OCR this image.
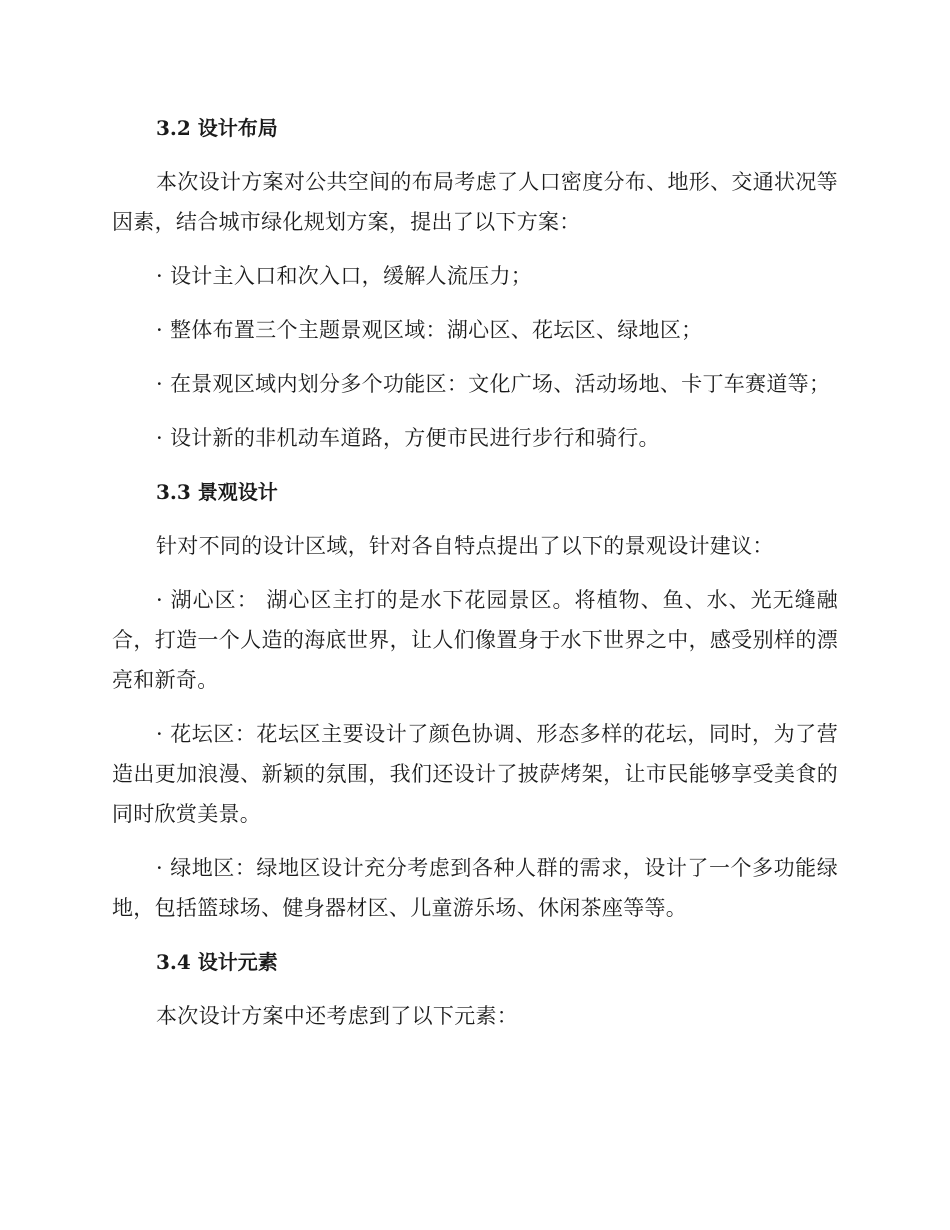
3.2 设计布局

本次设计方案对公共空间的布局考虑了人口密度分布、地形、交通状况等因素，结合城市绿化规划方案，提出了以下方案：

· 设计主入口和次入口，缓解人流压力；

· 整体布置三个主题景观区域：湖心区、花坛区、绿地区；

· 在景观区域内划分多个功能区：文化广场、活动场地、卡丁车赛道等；

· 设计新的非机动车道路，方便市民进行步行和骑行。

3.3 景观设计

针对不同的设计区域，针对各自特点提出了以下的景观设计建议：

· 湖心区： 湖心区主打的是水下花园景区。将植物、鱼、水、光无缝融合，打造一个人造的海底世界，让人们像置身于水下世界之中，感受别样的漂亮和新奇。

· 花坛区：花坛区主要设计了颜色协调、形态多样的花坛，同时，为了营造出更加浪漫、新颖的氛围，我们还设计了披萨烤架，让市民能够享受美食的同时欣赏美景。

· 绿地区：绿地区设计充分考虑到各种人群的需求，设计了一个多功能绿地，包括篮球场、健身器材区、儿童游乐场、休闲茶座等等。

3.4 设计元素

本次设计方案中还考虑到了以下元素：
